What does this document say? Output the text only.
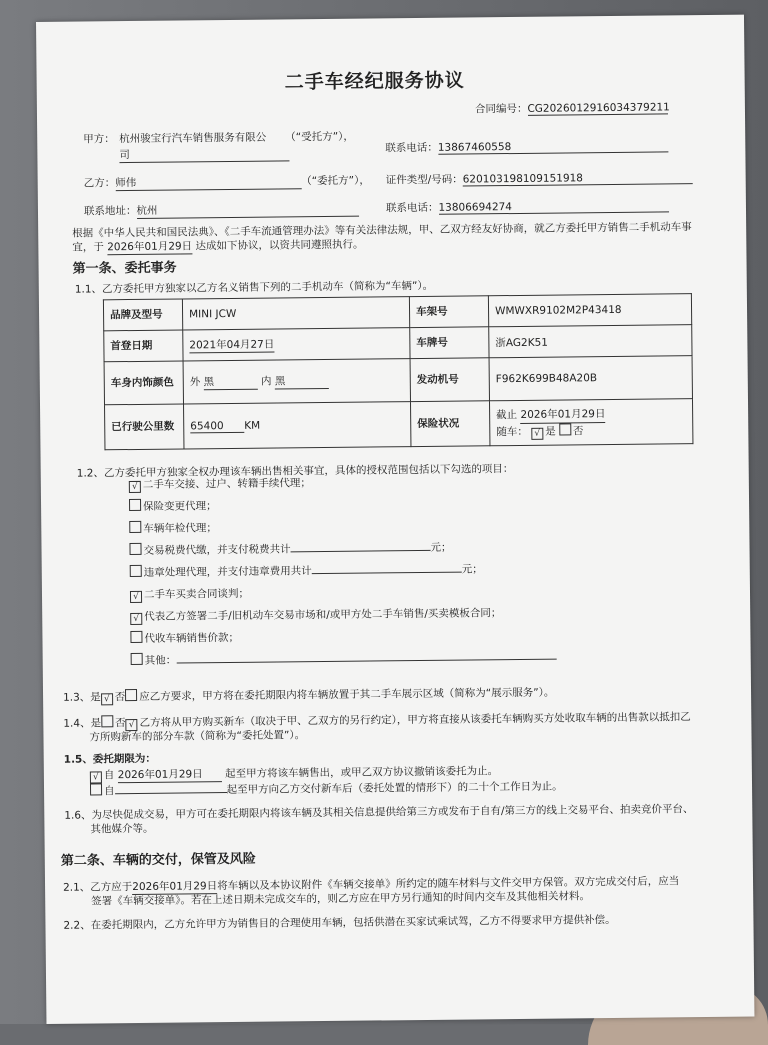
二手车经纪服务协议
合同编号：CG2026012916034379211
甲方： 杭州骏宝行汽车销售服务有限公 （“受托方”），
司
联系电话：13867460558
乙方：师伟	（“委托方”）， 证件类型/号码：620103198109151918
联系地址：杭州	联系电话：13806694274
根据《中华人民共和国民法典》、《二手车流通管理办法》等有关法律法规，甲、乙双方经友好协商，就乙方委托甲方销售二手机动车事
宜，于 2026年01月29日 达成如下协议，以资共同遵照执行。
第一条、委托事务
1.1、乙方委托甲方独家以乙方名义销售下列的二手机动车（简称为“车辆”）。
品牌及型号	MINI JCW	车架号	WMWXR9102M2P43418
首登日期	2021年04月27日	车牌号	浙AG2K51
车身内饰颜色	外 黑 内 黑	发动机号	F962K699B48A20B
已行驶公里数	65400 KM	保险状况	截止 2026年01月29日
随车： √ 是 否
1.2、乙方委托甲方独家全权办理该车辆出售相关事宜，具体的授权范围包括以下勾选的项目：
√ 二手车交接、过户、转籍手续代理；
保险变更代理；
车辆年检代理；
交易税费代缴，并支付税费共计	元；
违章处理代理，并支付违章费用共计	元；
√ 二手车买卖合同谈判；
√ 代表乙方签署二手/旧机动车交易市场和/或甲方处二手车销售/买卖模板合同；
代收车辆销售价款；
其他：
1.3、是 √ 否 应乙方要求，甲方将在委托期限内将车辆放置于其二手车展示区域（简称为“展示服务”）。
1.4、是 否 √ 乙方将从甲方购买新车（取决于甲、乙双方的另行约定），甲方将直接从该委托车辆购买方处收取车辆的出售款以抵扣乙
方所购新车的部分车款（简称为“委托处置”）。
1.5、委托期限为：
√ 自 2026年01月29日 起至甲方将该车辆售出，或甲乙双方协议撤销该委托为止。
自	起至甲方向乙方交付新车后（委托处置的情形下）的二十个工作日为止。
1.6、为尽快促成交易，甲方可在委托期限内将该车辆及其相关信息提供给第三方或发布于自有/第三方的线上交易平台、拍卖竞价平台、
其他媒介等。
第二条、车辆的交付，保管及风险
2.1、乙方应于2026年01月29日将车辆以及本协议附件《车辆交接单》所约定的随车材料与文件交甲方保管。双方完成交付后，应当
签署《车辆交接单》。若在上述日期未完成交车的，则乙方应在甲方另行通知的时间内交车及其他相关材料。
2.2、在委托期限内，乙方允许甲方为销售目的合理使用车辆，包括供潜在买家试乘试驾，乙方不得要求甲方提供补偿。
